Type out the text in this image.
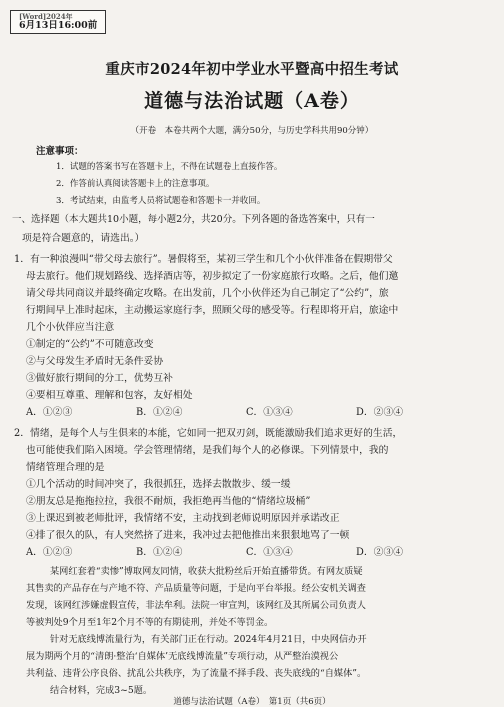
[Word]2024年
6月13日16:00前
重庆市2024年初中学业水平暨高中招生考试
道德与法治试题（A卷）
（开卷　本卷共两个大题，满分50分，与历史学科共用90分钟）
注意事项：
1．试题的答案书写在答题卡上，不得在试题卷上直接作答。
2．作答前认真阅读答题卡上的注意事项。
3．考试结束，由监考人员将试题卷和答题卡一并收回。
一、选择题（本大题共10小题，每小题2分，共20分。下列各题的备选答案中，只有一
项是符合题意的，请选出。）
1．有一种浪漫叫“带父母去旅行”。暑假将至，某初三学生和几个小伙伴准备在假期带父
母去旅行。他们规划路线、选择酒店等，初步拟定了一份家庭旅行攻略。之后，他们邀
请父母共同商议并最终确定攻略。在出发前，几个小伙伴还为自己制定了“公约”，旅
行期间早上准时起床，主动搬运家庭行李，照顾父母的感受等。行程即将开启，旅途中
几个小伙伴应当注意
①制定的“公约”不可随意改变
②与父母发生矛盾时无条件妥协
③做好旅行期间的分工，优势互补
④要相互尊重、理解和包容，友好相处
A．①②③	B．①②④	C．①③④	D．②③④
2．情绪，是每个人与生俱来的本能，它如同一把双刃剑，既能激励我们追求更好的生活，
也可能使我们陷入困境。学会管理情绪，是我们每个人的必修课。下列情景中，我的
情绪管理合理的是
①几个活动的时间冲突了，我很抓狂，选择去散散步、缓一缓
②朋友总是拖拖拉拉，我很不耐烦，我拒绝再当他的“情绪垃圾桶”
③上课迟到被老师批评，我情绪不安，主动找到老师说明原因并承诺改正
④排了很久的队，有人突然挤了进来，我冲过去把他推出来狠狠地骂了一顿
A．①②③	B．①②④	C．①③④	D．②③④
某网红套着“卖惨”博取网友同情，收获大批粉丝后开始直播带货。有网友质疑
其售卖的产品存在与产地不符、产品质量等问题，于是向平台举报。经公安机关调查
发现，该网红涉嫌虚假宣传，非法牟利。法院一审宣判，该网红及其所属公司负责人
等被判处9个月至1年2个月不等的有期徒刑，并处不等罚金。
针对无底线博流量行为，有关部门正在行动。2024年4月21日，中央网信办开
展为期两个月的“清朗·整治‘自媒体’无底线博流量”专项行动，从严整治漠视公
共利益、违背公序良俗、扰乱公共秩序，为了流量不择手段、丧失底线的“自媒体”。
结合材料，完成3~5题。
道德与法治试题（A卷）　第1页（共6页）
